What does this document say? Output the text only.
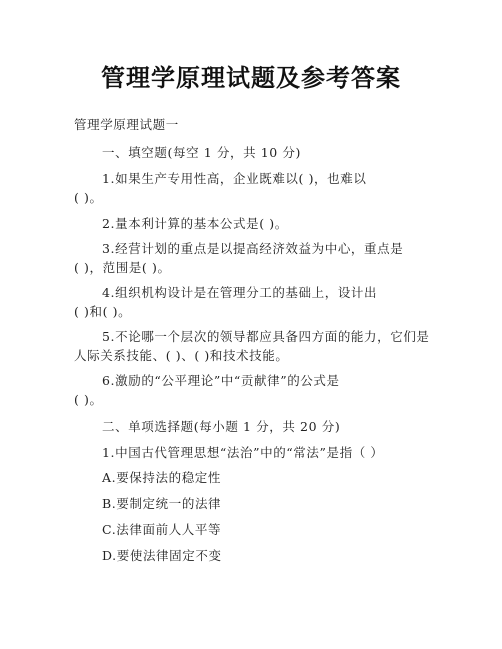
管理学原理试题及参考答案
管理学原理试题一
一、填空题(每空 1 分，共 10 分)
1.如果生产专用性高，企业既难以( )，也难以
( )。
2.量本利计算的基本公式是( )。
3.经营计划的重点是以提高经济效益为中心，重点是
( )，范围是( )。
4.组织机构设计是在管理分工的基础上，设计出
( )和( )。
5.不论哪一个层次的领导都应具备四方面的能力，它们是
人际关系技能、( )、( )和技术技能。
6.激励的“公平理论”中“贡献律”的公式是
( )。
二、单项选择题(每小题 1 分，共 20 分)
1.中国古代管理思想“法治”中的“常法”是指（ ）
A.要保持法的稳定性
B.要制定统一的法律
C.法律面前人人平等
D.要使法律固定不变
